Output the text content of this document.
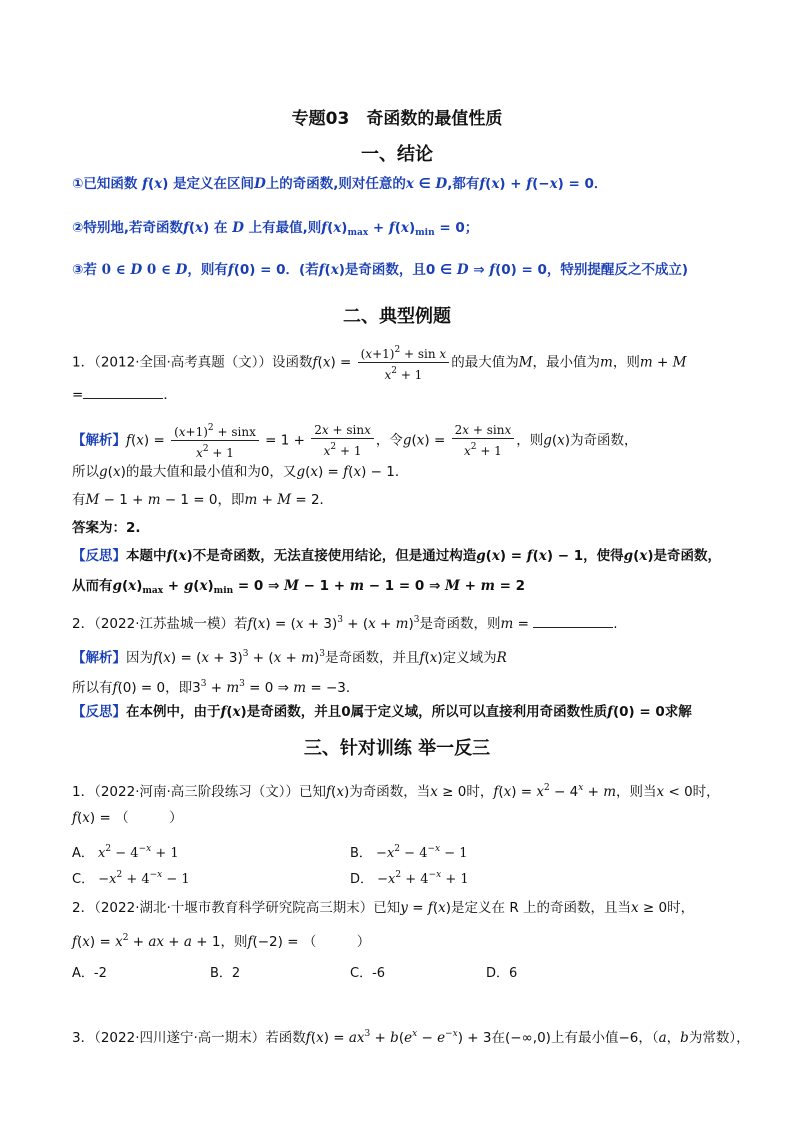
专题03　奇函数的最值性质
一、结论
①已知函数 f(x) 是定义在区间D上的奇函数,则对任意的x ∈ D,都有f(x) + f(−x) = 0．
②特别地,若奇函数f(x) 在 D 上有最值,则$f(x)_{max} + f(x)_{min} = 0$；
③若 0 ∈ D 0 ∈ D，则有f(0) = 0．(若f(x)是奇函数，且0 ∈ D ⇒ f(0) = 0，特别提醒反之不成立)
二、典型例题
1．（2012·全国·高考真题（文））设函数$f(x) = \frac{(x+1)^2 + \sin x}{x^2 + 1}$ 的最大值为M，最小值为m，则m + M
=	．
【解析】$f(x) = \frac{(x+1)^2 + \sin x}{x^2 + 1} = 1 + \frac{2x + \sin x}{x^2 + 1}$ ，令$g(x) = \frac{2x + \sin x}{x^2 + 1}$ ，则g(x)为奇函数，
所以g(x)的最大值和最小值和为0，又g(x) = f(x) − 1．
有M − 1 + m − 1 = 0，即m + M = 2．
答案为：2.
【反思】本题中f(x)不是奇函数，无法直接使用结论，但是通过构造g(x) = f(x) − 1，使得g(x)是奇函数，
从而有$g(x)_{max} + g(x)_{min} = 0$ ⇒ M − 1 + m − 1 = 0 ⇒ M + m = 2
2．（2022·江苏盐城一模）若$f(x) = (x + 3)^3 + (x + m)^3$是奇函数，则m =	.
【解析】因为$f(x) = (x + 3)^3 + (x + m)^3$是奇函数，并且f(x)定义域为R
所以有f(0) = 0，即$3^3 + m^3 = 0$ ⇒ m = −3．
【反思】在本例中，由于f(x)是奇函数，并且0属于定义域，所以可以直接利用奇函数性质f(0) = 0求解
三、针对训练 举一反三
1．（2022·河南·高三阶段练习（文））已知f(x)为奇函数，当x ≥ 0时，$f(x) = x^2 - 4^x + m$，则当x < 0时，
f(x) = （　　　）
A． $x^2 - 4^{-x} + 1$	B． $-x^2 - 4^{-x} - 1$
C． $-x^2 + 4^{-x} - 1$	D． $-x^2 + 4^{-x} + 1$
2．（2022·湖北·十堰市教育科学研究院高三期末）已知y = f(x)是定义在 R 上的奇函数，且当x ≥ 0时，
$f(x) = x^2$ + ax + a + 1，则f(−2) = （　　　）
A．-2	B．2	C．-6	D．6
3．（2022·四川遂宁·高一期末）若函数$f(x) = ax^3 + b(e^x - e^{-x}) + 3$在(−∞,0)上有最小值−6，（a，b为常数），
